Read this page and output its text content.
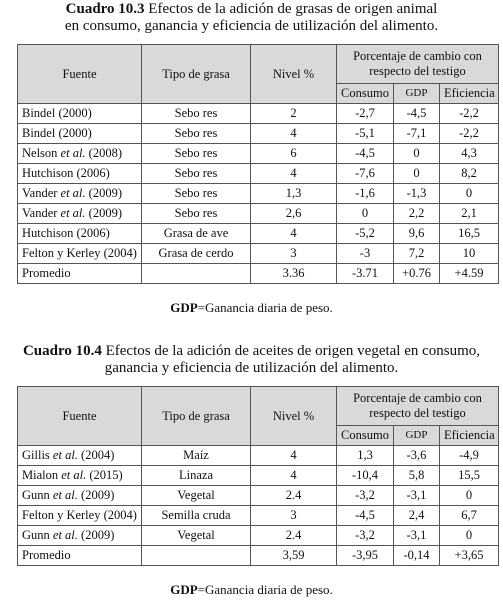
Cuadro 10.3 Efectos de la adición de grasas de origen animal
en consumo, ganancia y eficiencia de utilización del alimento.
Fuente	Tipo de grasa	Nivel %	Porcentaje de cambio con respecto del testigo		
			Consumo	GDP	Eficiencia
Bindel (2000)	Sebo res	2	-2,7	-4,5	-2,2
Bindel (2000)	Sebo res	4	-5,1	-7,1	-2,2
Nelson et al. (2008)	Sebo res	6	-4,5	0	4,3
Hutchison (2006)	Sebo res	4	-7,6	0	8,2
Vander et al. (2009)	Sebo res	1,3	-1,6	-1,3	0
Vander et al. (2009)	Sebo res	2,6	0	2,2	2,1
Hutchison (2006)	Grasa de ave	4	-5,2	9,6	16,5
Felton y Kerley (2004)	Grasa de cerdo	3	-3	7,2	10
Promedio		3.36	-3.71	+0.76	+4.59
GDP=Ganancia diaria de peso.
Cuadro 10.4 Efectos de la adición de aceites de origen vegetal en consumo,
ganancia y eficiencia de utilización del alimento.
Fuente	Tipo de grasa	Nivel %	Porcentaje de cambio con respecto del testigo		
			Consumo	GDP	Eficiencia
Gillis et al. (2004)	Maíz	4	1,3	-3,6	-4,9
Mialon et al. (2015)	Linaza	4	-10,4	5,8	15,5
Gunn et al. (2009)	Vegetal	2.4	-3,2	-3,1	0
Felton y Kerley (2004)	Semilla cruda	3	-4,5	2,4	6,7
Gunn et al. (2009)	Vegetal	2.4	-3,2	-3,1	0
Promedio		3,59	-3,95	-0,14	+3,65
GDP=Ganancia diaria de peso.
